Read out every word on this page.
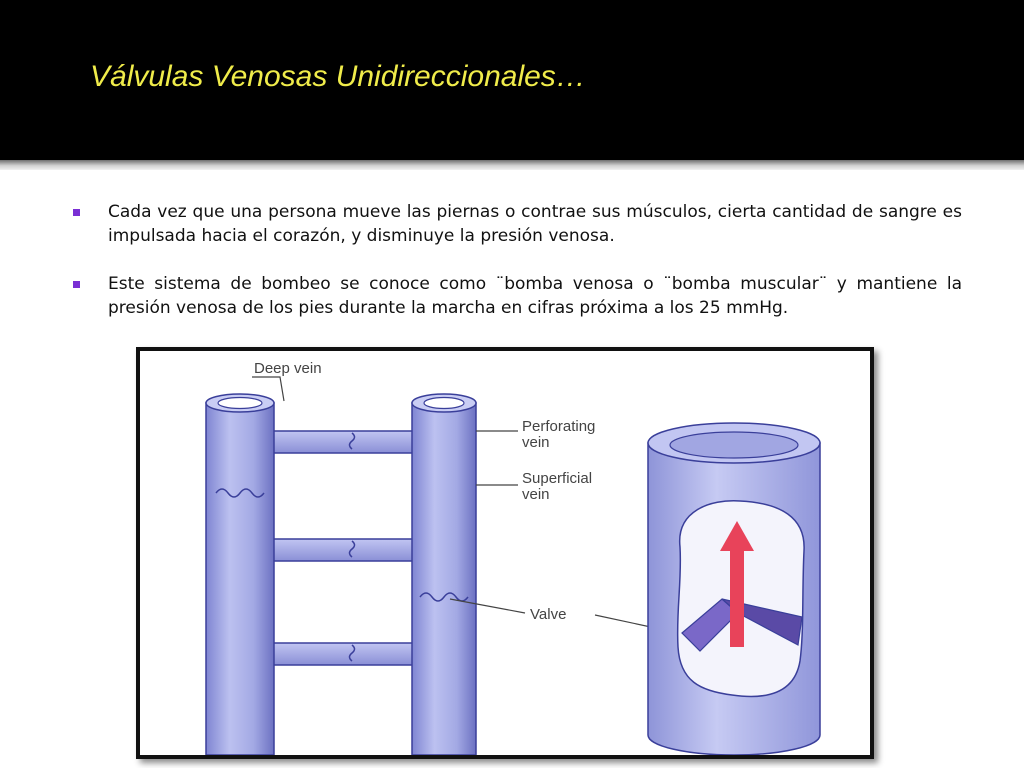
Válvulas Venosas Unidireccionales…
Cada vez que una persona mueve las piernas o contrae sus músculos, cierta cantidad de sangre es impulsada hacia el corazón, y disminuye la presión venosa.
Este sistema de bombeo se conoce como ¨bomba venosa o ¨bomba muscular¨ y mantiene la presión venosa de los pies durante la marcha en cifras próxima a los 25 mmHg.
Deep vein
Perforating
vein
Superficial
vein
Valve
